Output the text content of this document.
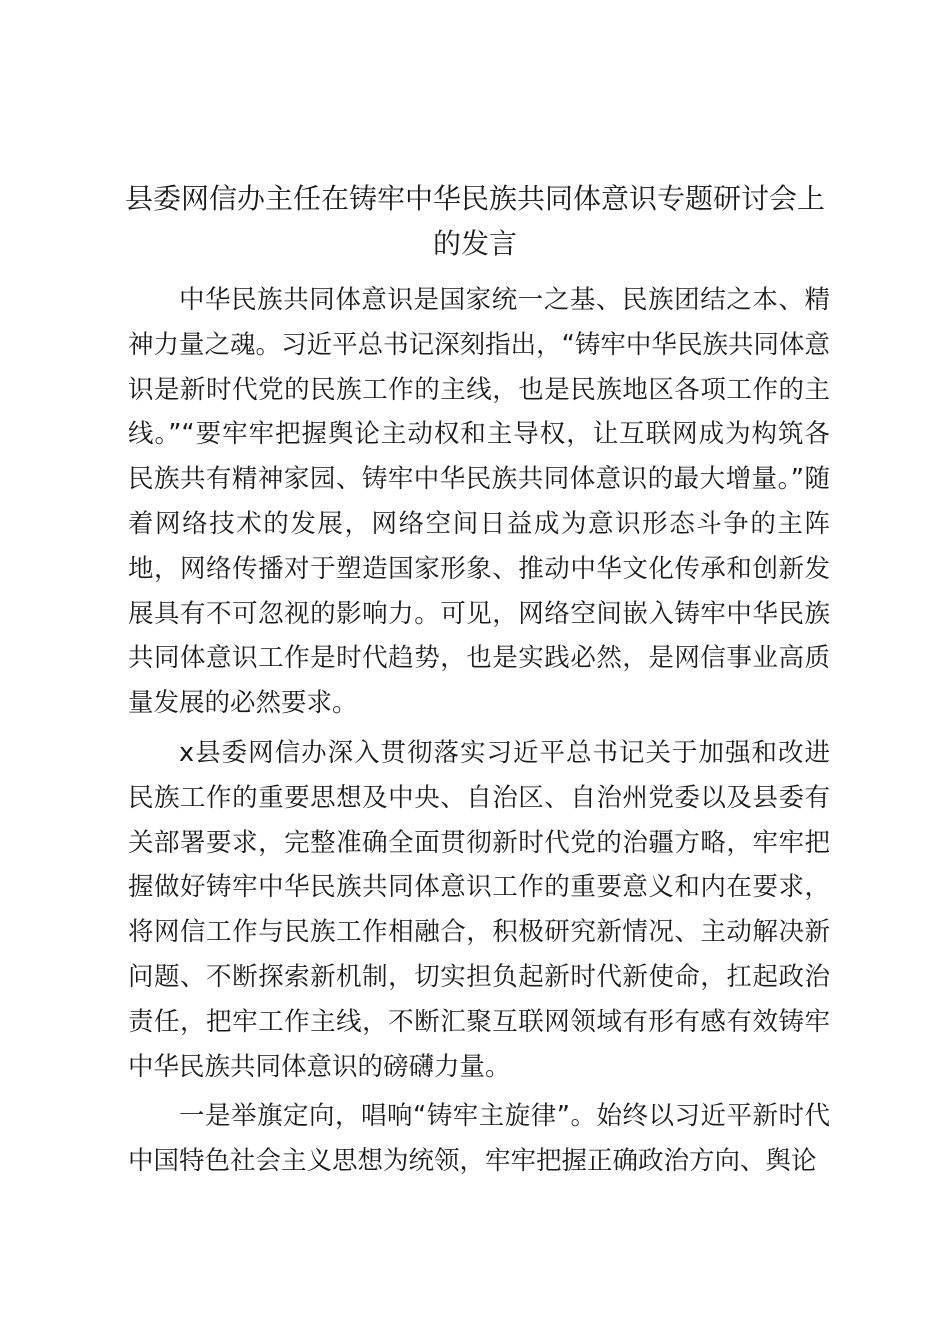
县委网信办主任在铸牢中华民族共同体意识专题研讨会上的发言

中华民族共同体意识是国家统一之基、民族团结之本、精神力量之魂。习近平总书记深刻指出，“铸牢中华民族共同体意识是新时代党的民族工作的主线，也是民族地区各项工作的主线。”“要牢牢把握舆论主动权和主导权，让互联网成为构筑各民族共有精神家园、铸牢中华民族共同体意识的最大增量。”随着网络技术的发展，网络空间日益成为意识形态斗争的主阵地，网络传播对于塑造国家形象、推动中华文化传承和创新发展具有不可忽视的影响力。可见，网络空间嵌入铸牢中华民族共同体意识工作是时代趋势，也是实践必然，是网信事业高质量发展的必然要求。

x县委网信办深入贯彻落实习近平总书记关于加强和改进民族工作的重要思想及中央、自治区、自治州党委以及县委有关部署要求，完整准确全面贯彻新时代党的治疆方略，牢牢把握做好铸牢中华民族共同体意识工作的重要意义和内在要求，将网信工作与民族工作相融合，积极研究新情况、主动解决新问题、不断探索新机制，切实担负起新时代新使命，扛起政治责任，把牢工作主线，不断汇聚互联网领域有形有感有效铸牢中华民族共同体意识的磅礴力量。

一是举旗定向，唱响“铸牢主旋律”。始终以习近平新时代中国特色社会主义思想为统领，牢牢把握正确政治方向、舆论
